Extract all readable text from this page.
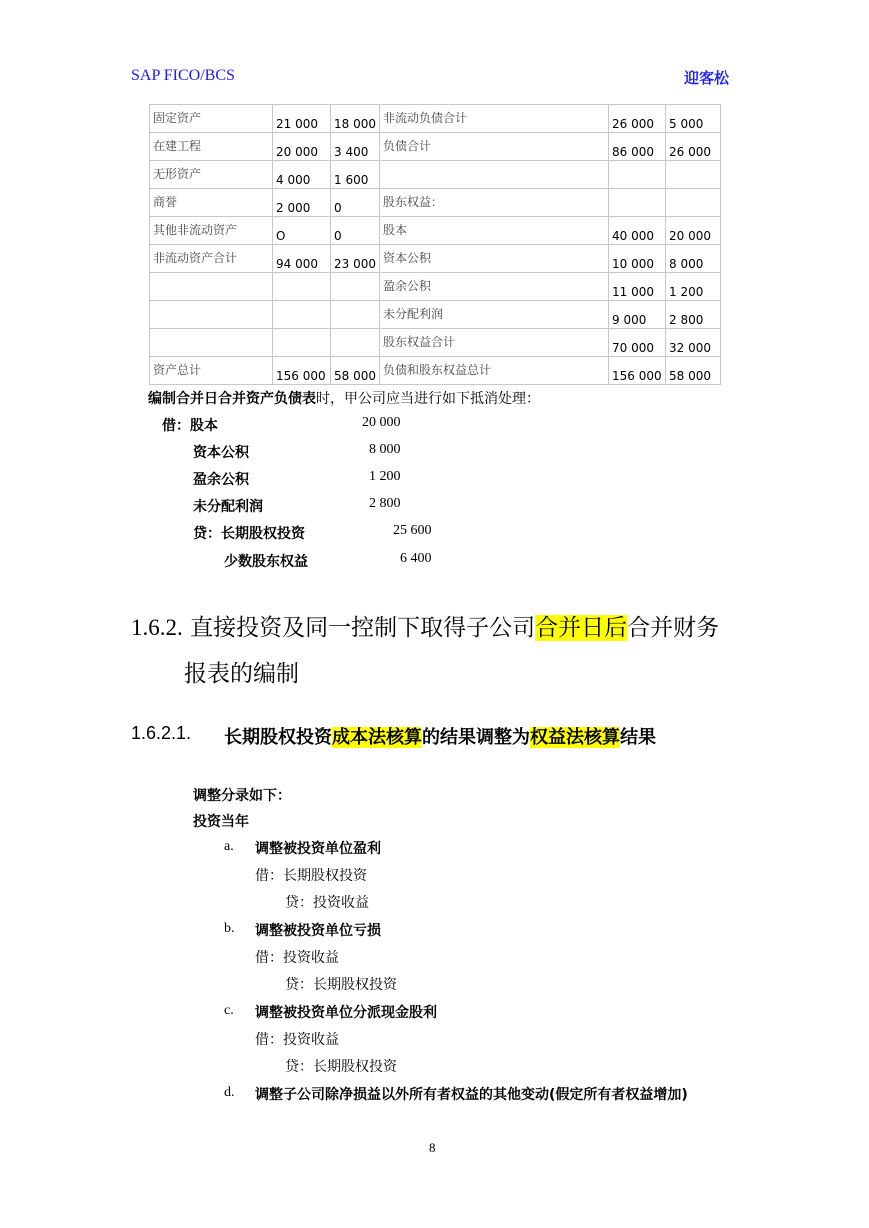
SAP FICO/BCS	迎客松
固定资产	21 000	18 000	非流动负债合计	26 000	5 000
在建工程	20 000	3 400	负债合计	86 000	26 000
无形资产	4 000	1 600			
商誉	2 000	0	股东权益：		
其他非流动资产	O	0	股本	40 000	20 000
非流动资产合计	94 000	23 000	资本公积	10 000	8 000
			盈余公积	11 000	1 200
			未分配利润	9 000	2 800
			股东权益合计	70 000	32 000
资产总计	156 000	58 000	负债和股东权益总计	156 000	58 000
编制合并日合并资产负债表时，甲公司应当进行如下抵消处理：
借：股本	20 000
资本公积	8 000
盈余公积	1 200
未分配利润	2 800
贷：长期股权投资	25 600
少数股东权益	6 400
1.6.2. 直接投资及同一控制下取得子公司合并日后合并财务
报表的编制
1.6.2.1. 长期股权投资成本法核算的结果调整为权益法核算结果
调整分录如下：
投资当年
a. 调整被投资单位盈利
借：长期股权投资
贷：投资收益
b. 调整被投资单位亏损
借：投资收益
贷：长期股权投资
c. 调整被投资单位分派现金股利
借：投资收益
贷：长期股权投资
d. 调整子公司除净损益以外所有者权益的其他变动(假定所有者权益增加)
8
